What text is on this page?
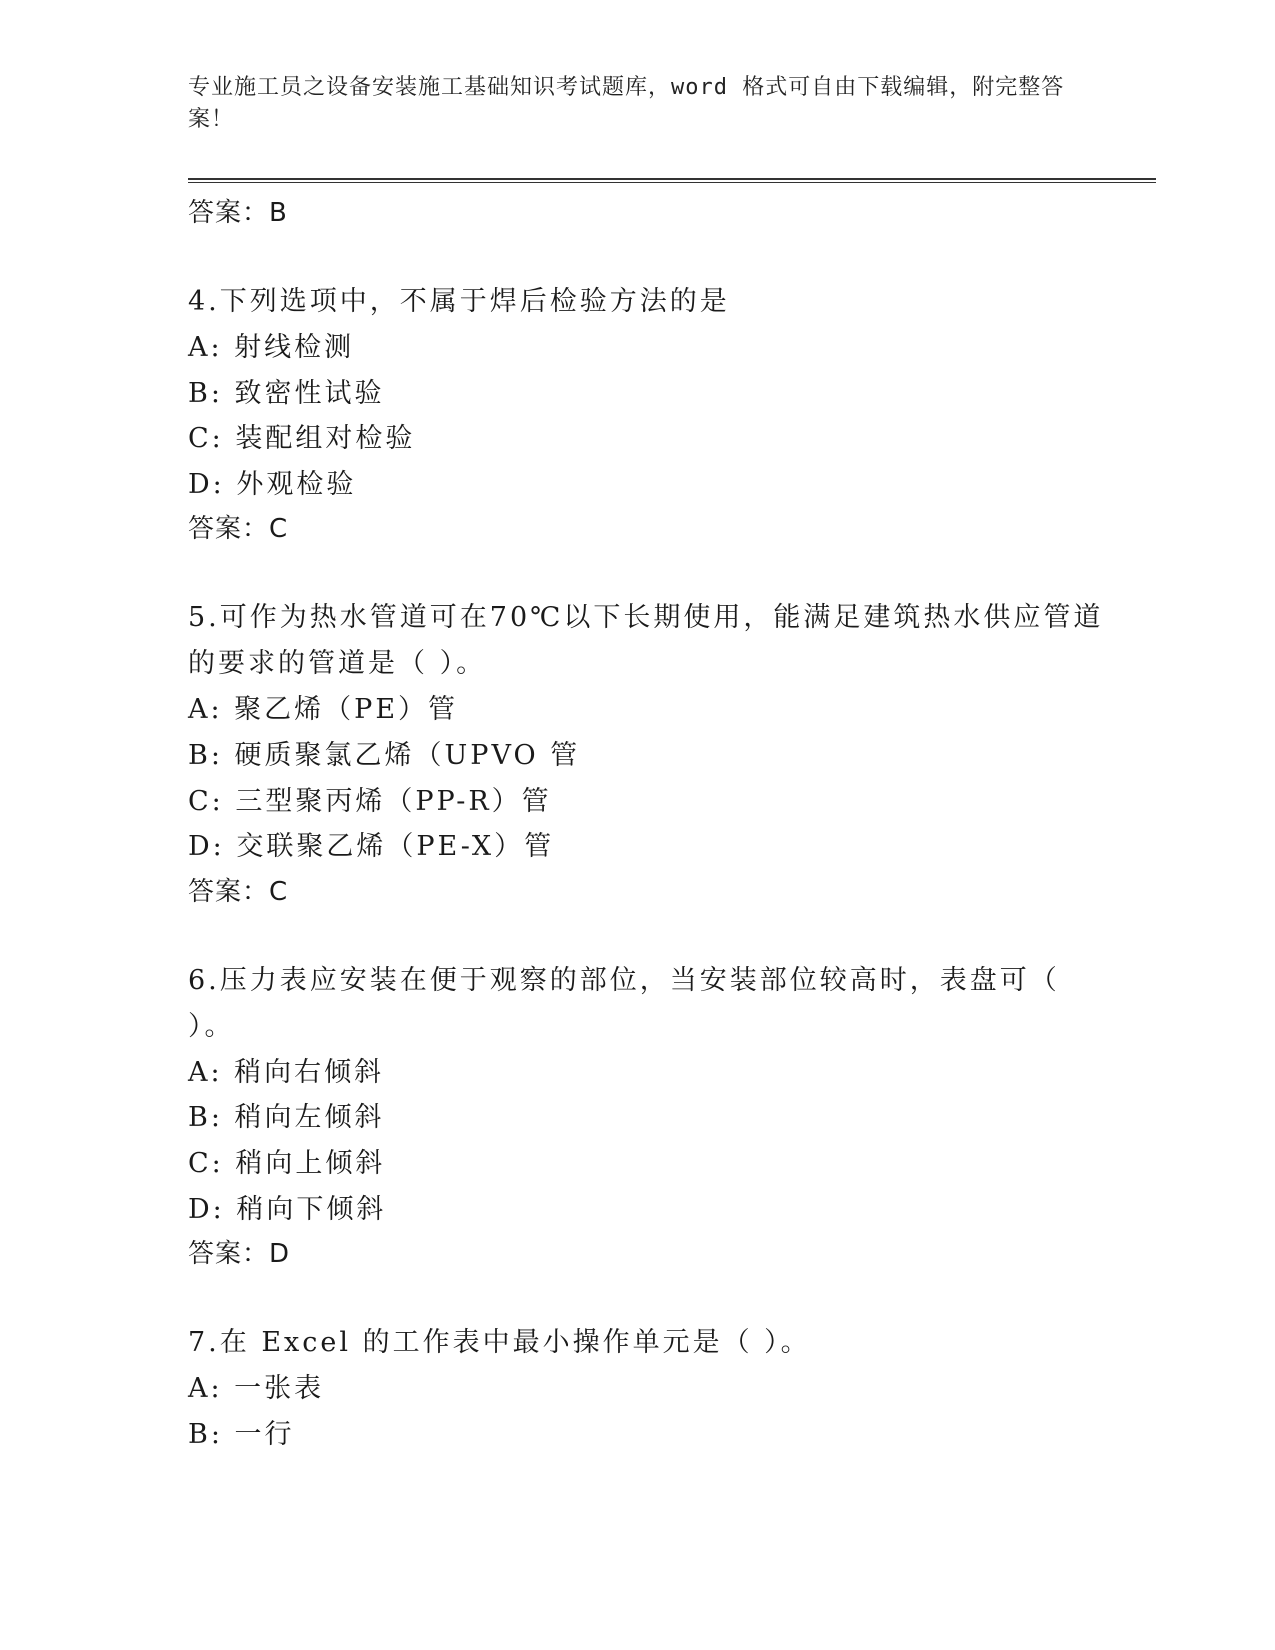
专业施工员之设备安装施工基础知识考试题库，word 格式可自由下载编辑，附完整答案！
答案：B
4.下列选项中，不属于焊后检验方法的是
A: 射线检测
B: 致密性试验
C: 装配组对检验
D: 外观检验
答案：C
5.可作为热水管道可在70℃以下长期使用，能满足建筑热水供应管道的要求的管道是（ ）。
A: 聚乙烯（PE）管
B: 硬质聚氯乙烯（UPVO 管
C: 三型聚丙烯（PP-R）管
D: 交联聚乙烯（PE-X）管
答案：C
6.压力表应安装在便于观察的部位，当安装部位较高时，表盘可（ ）。
A: 稍向右倾斜
B: 稍向左倾斜
C: 稍向上倾斜
D: 稍向下倾斜
答案：D
7.在 Excel 的工作表中最小操作单元是（ ）。
A: 一张表
B: 一行
